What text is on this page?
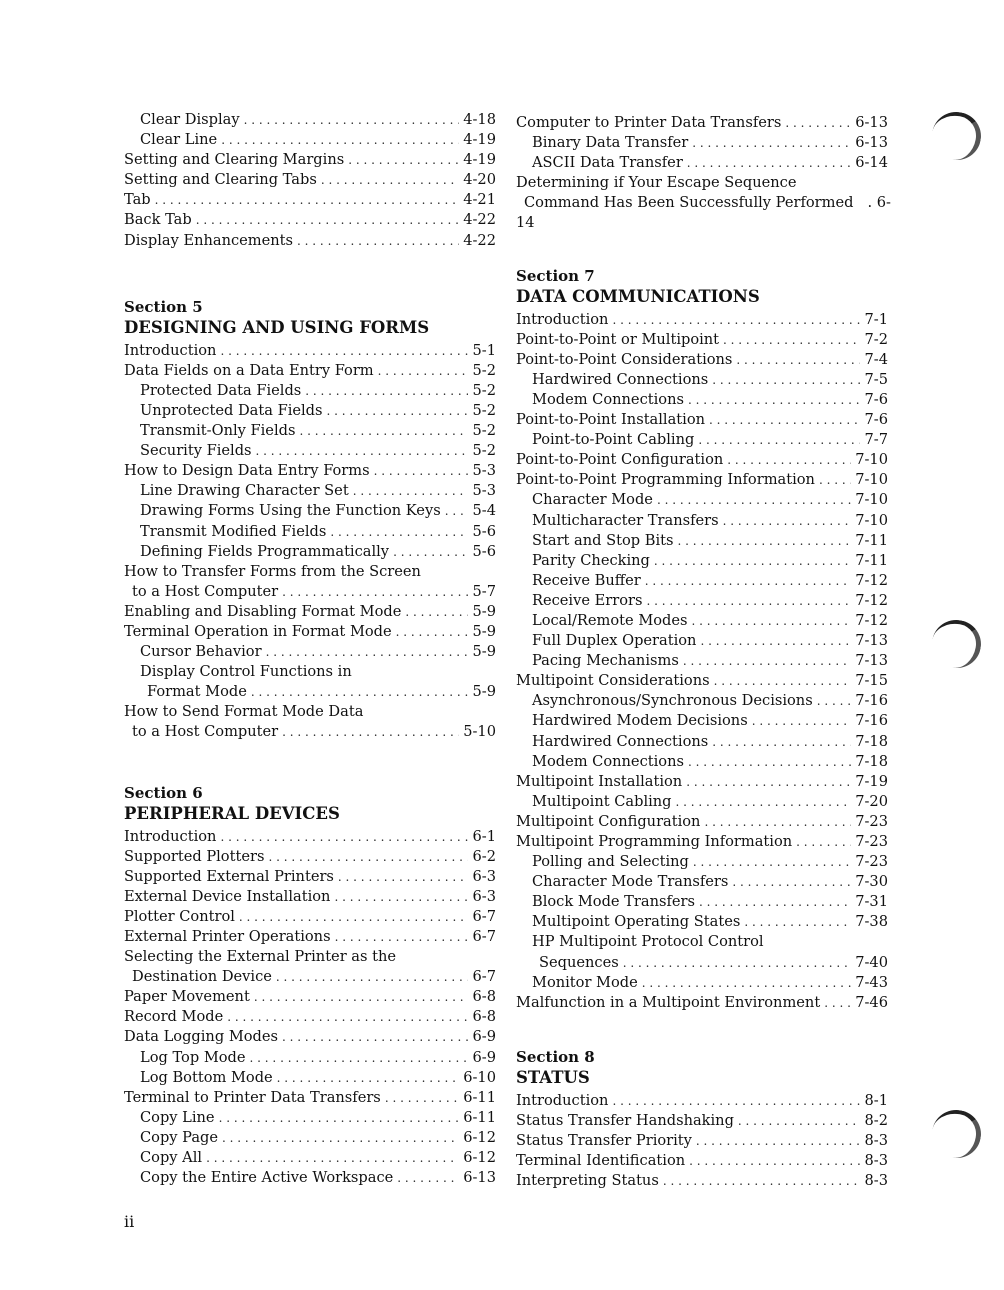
Clear Display . . .	4-18
Clear Line . . .	4-19
Setting and Clearing Margins . . .	4-19
Setting and Clearing Tabs . . .	4-20
Tab . . .	4-21
Back Tab . . .	4-22
Display Enhancements . . .	4-22
Section 5
DESIGNING AND USING FORMS
Introduction . . .	5-1
Data Fields on a Data Entry Form . . .	5-2
Protected Data Fields . . .	5-2
Unprotected Data Fields . . .	5-2
Transmit-Only Fields . . .	5-2
Security Fields . . .	5-2
How to Design Data Entry Forms . . .	5-3
Line Drawing Character Set . . .	5-3
Drawing Forms Using the Function Keys . . . 5-4
Transmit Modified Fields . . .	5-6
Defining Fields Programmatically . . .	5-6
How to Transfer Forms from the Screen
to a Host Computer . . .	5-7
Enabling and Disabling Format Mode . . .	5-9
Terminal Operation in Format Mode . . .	5-9
Cursor Behavior . . .	5-9
Display Control Functions in
Format Mode . . .	5-9
How to Send Format Mode Data
to a Host Computer . . .	5-10
Section 6
PERIPHERAL DEVICES
Introduction . . .	6-1
Supported Plotters . . .	6-2
Supported External Printers . . .	6-3
External Device Installation . . .	6-3
Plotter Control . . .	6-7
External Printer Operations . . .	6-7
Selecting the External Printer as the
Destination Device . . .	6-7
Paper Movement . . .	6-8
Record Mode . . .	6-8
Data Logging Modes . . .	6-9
Log Top Mode . . .	6-9
Log Bottom Mode . . .	6-10
Terminal to Printer Data Transfers . . .	6-11
Copy Line . . .	6-11
Copy Page . . .	6-12
Copy All . . .	6-12
Copy the Entire Active Workspace . . .	6-13
Computer to Printer Data Transfers . . .	6-13
Binary Data Transfer . . .	6-13
ASCII Data Transfer . . .	6-14
Determining if Your Escape Sequence
Command Has Been Successfully Performed . 6-
14
Section 7
DATA COMMUNICATIONS
Introduction . . .	7-1
Point-to-Point or Multipoint . . .	7-2
Point-to-Point Considerations . . .	7-4
Hardwired Connections . . .	7-5
Modem Connections . . .	7-6
Point-to-Point Installation . . .	7-6
Point-to-Point Cabling . . .	7-7
Point-to-Point Configuration . . .	7-10
Point-to-Point Programming Information . . .	7-10
Character Mode . . .	7-10
Multicharacter Transfers . . .	7-10
Start and Stop Bits . . .	7-11
Parity Checking . . .	7-11
Receive Buffer . . .	7-12
Receive Errors . . .	7-12
Local/Remote Modes . . .	7-12
Full Duplex Operation . . .	7-13
Pacing Mechanisms . . .	7-13
Multipoint Considerations . . .	7-15
Asynchronous/Synchronous Decisions . . .	7-16
Hardwired Modem Decisions . . .	7-16
Hardwired Connections . . .	7-18
Modem Connections . . .	7-18
Multipoint Installation . . .	7-19
Multipoint Cabling . . .	7-20
Multipoint Configuration . . .	7-23
Multipoint Programming Information . . .	7-23
Polling and Selecting . . .	7-23
Character Mode Transfers . . .	7-30
Block Mode Transfers . . .	7-31
Multipoint Operating States . . .	7-38
HP Multipoint Protocol Control
Sequences . . .	7-40
Monitor Mode . . .	7-43
Malfunction in a Multipoint Environment . . . 7-46
Section 8
STATUS
Introduction . . .	8-1
Status Transfer Handshaking . . .	8-2
Status Transfer Priority . . .	8-3
Terminal Identification . . .	8-3
Interpreting Status . . .	8-3
ii
